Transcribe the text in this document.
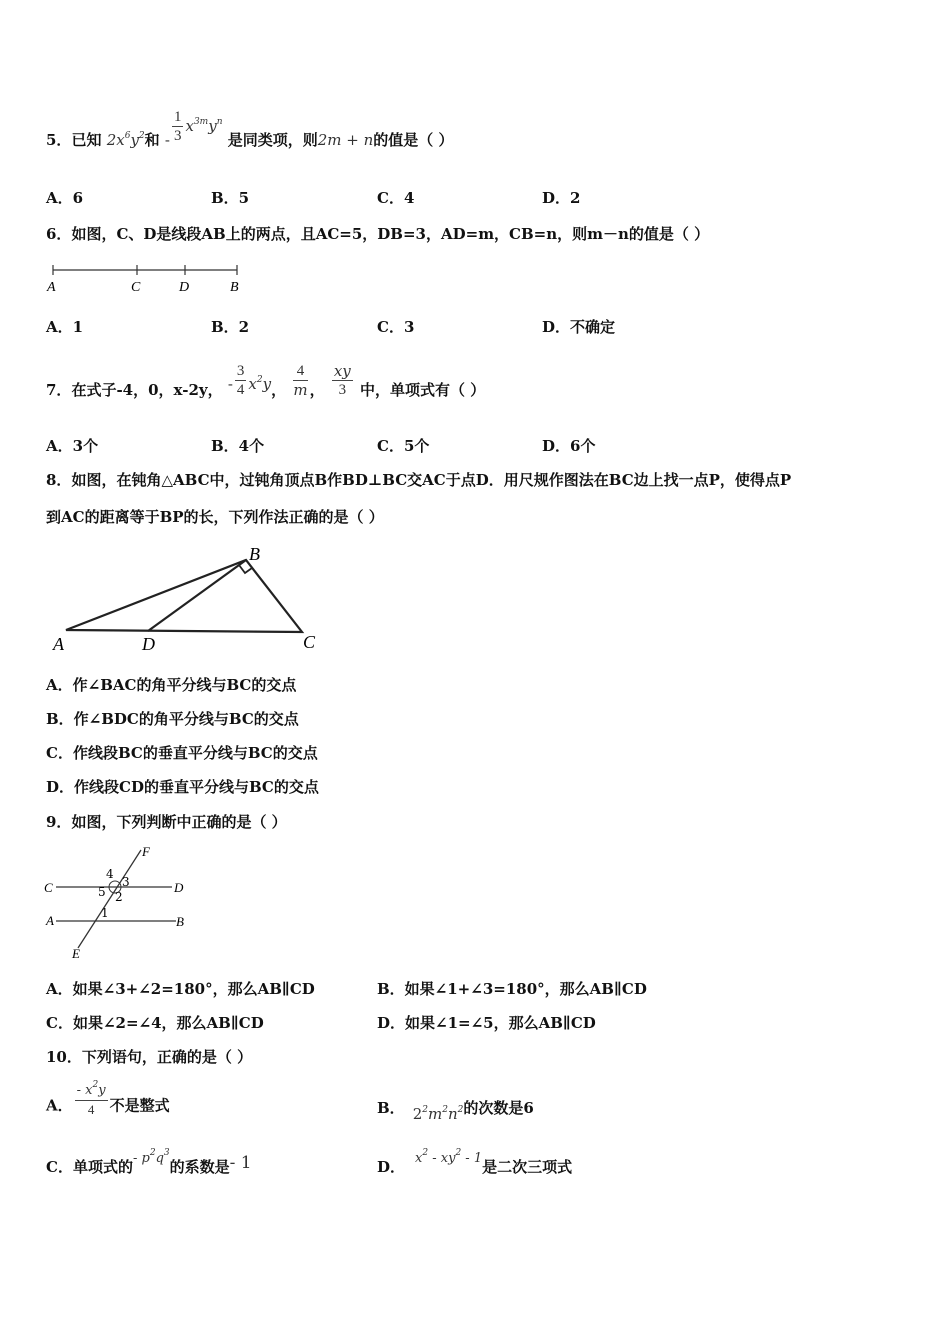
5．已知 $2x^6y^2$和 - $\frac{1}{3} x^{3m}y^n$ 是同类项，则2m + n的值是（ ）
A．6	B．5	C．4	D．2
6．如图，C、D是线段AB上的两点，且AC=5，DB=3，AD=m，CB=n，则m－n的值是（ ）
A	C	D	B
A．1	B．2	C．3	D．不确定
7．在式子-4，0，x-2y， - $\frac{3}{4} x^2y$， $\frac{4}{m}$ ， $\frac{xy}{3}$ 中，单项式有（ ）
A．3个	B．4个	C．5个	D．6个
8．如图，在钝角△ABC中，过钝角顶点B作BD⊥BC交AC于点D．用尺规作图法在BC边上找一点P，使得点P
到AC的距离等于BP的长，下列作法正确的是（ ）
A	D	C
B
A．作∠BAC的角平分线与BC的交点
B．作∠BDC的角平分线与BC的交点
C．作线段BC的垂直平分线与BC的交点
D．作线段CD的垂直平分线与BC的交点
9．如图，下列判断中正确的是（ ）
F
C	D
A	B
E
4
3
5 2
1
A．如果∠3+∠2=180°，那么AB∥CD	B．如果∠1+∠3=180°，那么AB∥CD
C．如果∠2=∠4，那么AB∥CD	D．如果∠1=∠5，那么AB∥CD
10．下列语句，正确的是（ ）
A． $\frac{- x^2y}{4}$ 不是整式	B． $2^2m^2n^2$的次数是6
C．单项式的- $p^2q^3$的系数是- 1	D． $x^2 - xy^2 - 1$是二次三项式
